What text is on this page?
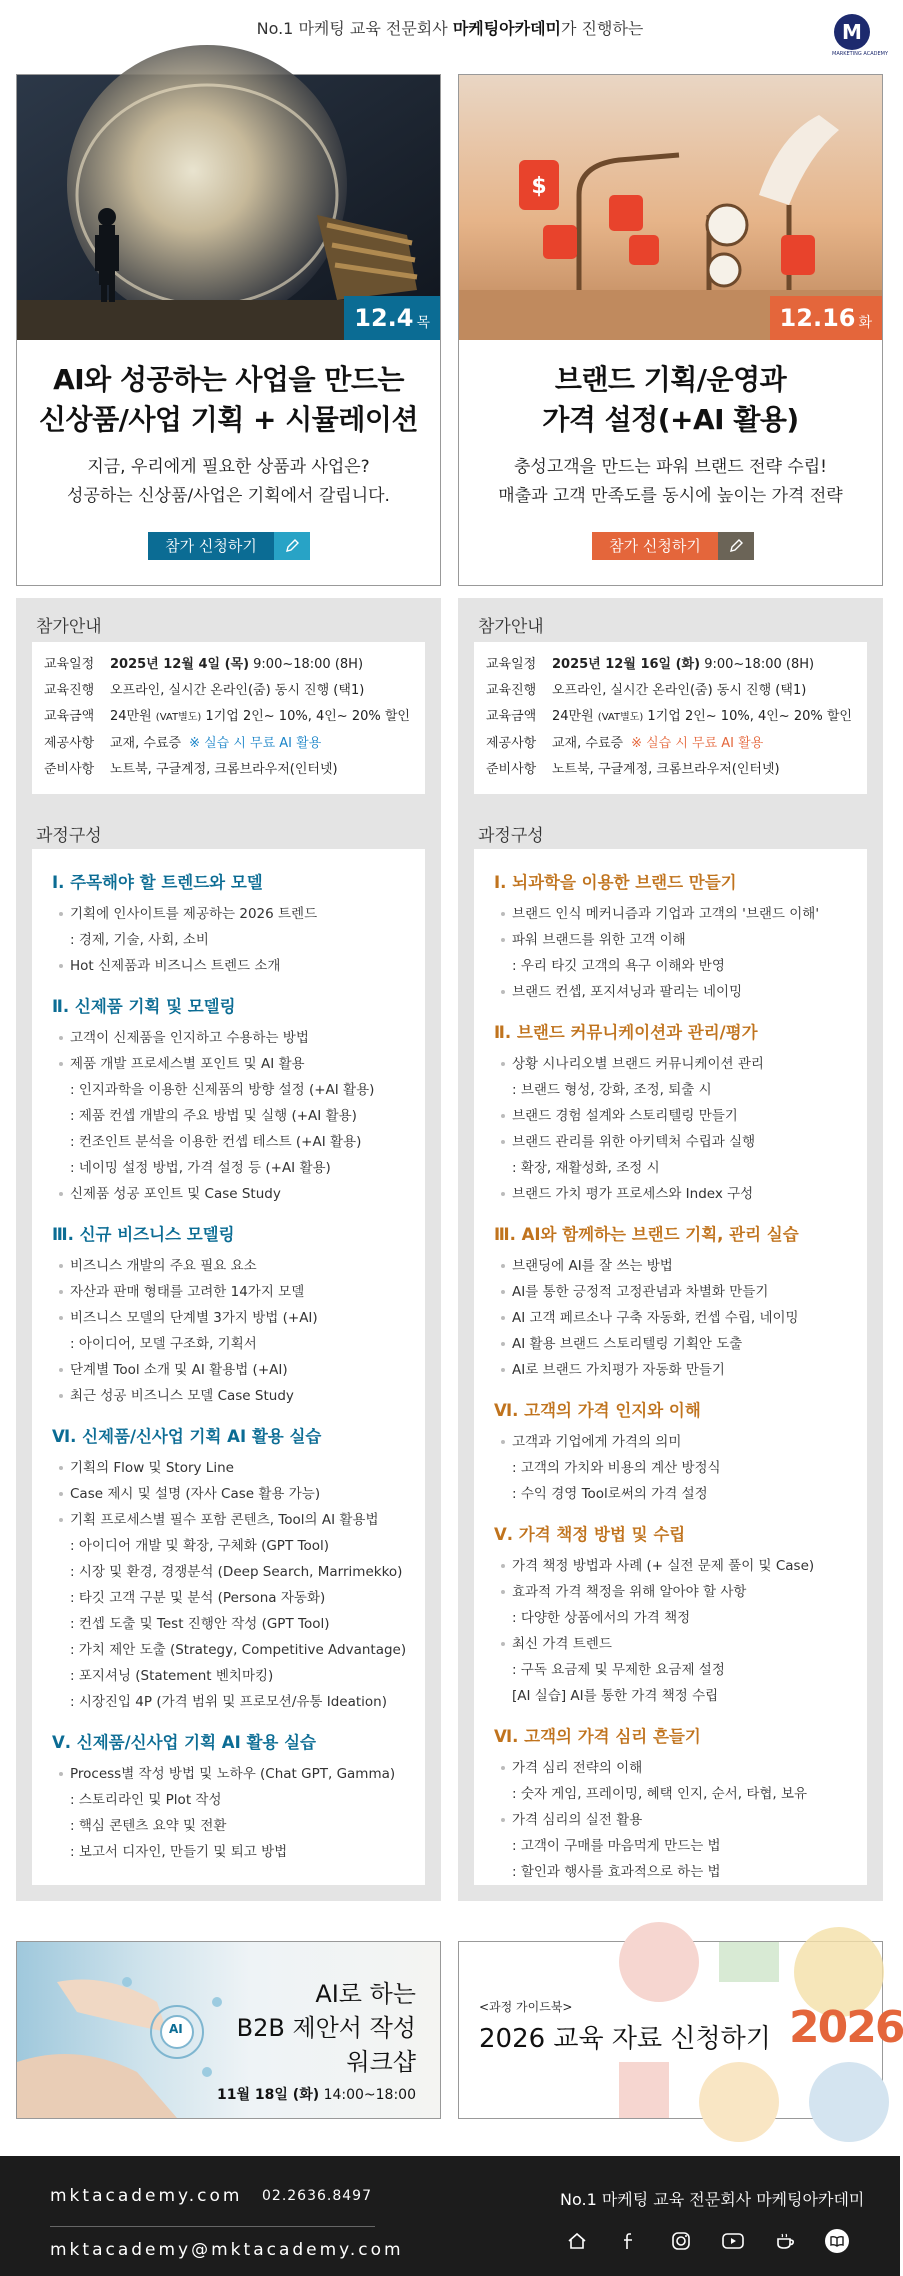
No.1 마케팅 교육 전문회사 마케팅아카데미가 진행하는	M
MARKETING ACADEMY
12.4 목
AI와 성공하는 사업을 만드는
신상품/사업 기획 + 시뮬레이션
지금, 우리에게 필요한 상품과 사업은?
성공하는 신상품/사업은 기획에서 갈립니다.
참가 신청하기
$
12.16 화
브랜드 기획/운영과
가격 설정(+AI 활용)
충성고객을 만드는 파워 브랜드 전략 수립!
매출과 고객 만족도를 동시에 높이는 가격 전략
참가 신청하기
참가안내
교육일정	2025년 12월 4일 (목) 9:00~18:00 (8H)
교육진행	오프라인, 실시간 온라인(줌) 동시 진행 (택1)
교육금액	24만원 (VAT별도) 1기업 2인~ 10%, 4인~ 20% 할인
제공사항	교재, 수료증 ※ 실습 시 무료 AI 활용
준비사항	노트북, 구글계정, 크롬브라우저(인터넷)
과정구성
Ⅰ. 주목해야 할 트렌드와 모델
기획에 인사이트를 제공하는 2026 트렌드
: 경제, 기술, 사회, 소비
Hot 신제품과 비즈니스 트렌드 소개
Ⅱ. 신제품 기획 및 모델링
고객이 신제품을 인지하고 수용하는 방법
제품 개발 프로세스별 포인트 및 AI 활용
: 인지과학을 이용한 신제품의 방향 설정 (+AI 활용)
: 제품 컨셉 개발의 주요 방법 및 실행 (+AI 활용)
: 컨조인트 분석을 이용한 컨셉 테스트 (+AI 활용)
: 네이밍 설정 방법, 가격 설정 등 (+AI 활용)
신제품 성공 포인트 및 Case Study
Ⅲ. 신규 비즈니스 모델링
비즈니스 개발의 주요 필요 요소
자산과 판매 형태를 고려한 14가지 모델
비즈니스 모델의 단계별 3가지 방법 (+AI)
: 아이디어, 모델 구조화, 기획서
단계별 Tool 소개 및 AI 활용법 (+AI)
최근 성공 비즈니스 모델 Case Study
Ⅵ. 신제품/신사업 기획 AI 활용 실습
기획의 Flow 및 Story Line
Case 제시 및 설명 (자사 Case 활용 가능)
기획 프로세스별 필수 포함 콘텐츠, Tool의 AI 활용법
: 아이디어 개발 및 확장, 구체화 (GPT Tool)
: 시장 및 환경, 경쟁분석 (Deep Search, Marrimekko)
: 타깃 고객 구분 및 분석 (Persona 자동화)
: 컨셉 도출 및 Test 진행안 작성 (GPT Tool)
: 가치 제안 도출 (Strategy, Competitive Advantage)
: 포지셔닝 (Statement 벤치마킹)
: 시장진입 4P (가격 범위 및 프로모션/유통 Ideation)
Ⅴ. 신제품/신사업 기획 AI 활용 실습
Process별 작성 방법 및 노하우 (Chat GPT, Gamma)
: 스토리라인 및 Plot 작성
: 핵심 콘텐츠 요약 및 전환
: 보고서 디자인, 만들기 및 퇴고 방법
참가안내
교육일정	2025년 12월 16일 (화) 9:00~18:00 (8H)
교육진행	오프라인, 실시간 온라인(줌) 동시 진행 (택1)
교육금액	24만원 (VAT별도) 1기업 2인~ 10%, 4인~ 20% 할인
제공사항	교재, 수료증 ※ 실습 시 무료 AI 활용
준비사항	노트북, 구글계정, 크롬브라우저(인터넷)
과정구성
Ⅰ. 뇌과학을 이용한 브랜드 만들기
브랜드 인식 메커니즘과 기업과 고객의 '브랜드 이해'
파워 브랜드를 위한 고객 이해
: 우리 타깃 고객의 욕구 이해와 반영
브랜드 컨셉, 포지셔닝과 팔리는 네이밍
Ⅱ. 브랜드 커뮤니케이션과 관리/평가
상황 시나리오별 브랜드 커뮤니케이션 관리
: 브랜드 형성, 강화, 조정, 퇴출 시
브랜드 경험 설계와 스토리텔링 만들기
브랜드 관리를 위한 아키텍처 수립과 실행
: 확장, 재활성화, 조정 시
브랜드 가치 평가 프로세스와 Index 구성
Ⅲ. AI와 함께하는 브랜드 기획, 관리 실습
브랜딩에 AI를 잘 쓰는 방법
AI를 통한 긍정적 고정관념과 차별화 만들기
AI 고객 페르소나 구축 자동화, 컨셉 수립, 네이밍
AI 활용 브랜드 스토리텔링 기획안 도출
AI로 브랜드 가치평가 자동화 만들기
Ⅵ. 고객의 가격 인지와 이해
고객과 기업에게 가격의 의미
: 고객의 가치와 비용의 계산 방정식
: 수익 경영 Tool로써의 가격 설정
Ⅴ. 가격 책정 방법 및 수립
가격 책정 방법과 사례 (+ 실전 문제 풀이 및 Case)
효과적 가격 책정을 위해 알아야 할 사항
: 다양한 상품에서의 가격 책정
최신 가격 트렌드
: 구독 요금제 및 무제한 요금제 설정
[AI 실습] AI를 통한 가격 책정 수립
Ⅵ. 고객의 가격 심리 흔들기
가격 심리 전략의 이해
: 숫자 게임, 프레이밍, 혜택 인지, 순서, 타협, 보유
가격 심리의 실전 활용
: 고객이 구매를 마음먹게 만드는 법
: 할인과 행사를 효과적으로 하는 법
AI
AI로 하는
B2B 제안서 작성
워크샵
11월 18일 (화) 14:00~18:00
<과정 가이드북>
2026 교육 자료 신청하기 2026
mktacademy.com 02.2636.8497
mktacademy@mktacademy.com
No.1 마케팅 교육 전문회사 마케팅아카데미
